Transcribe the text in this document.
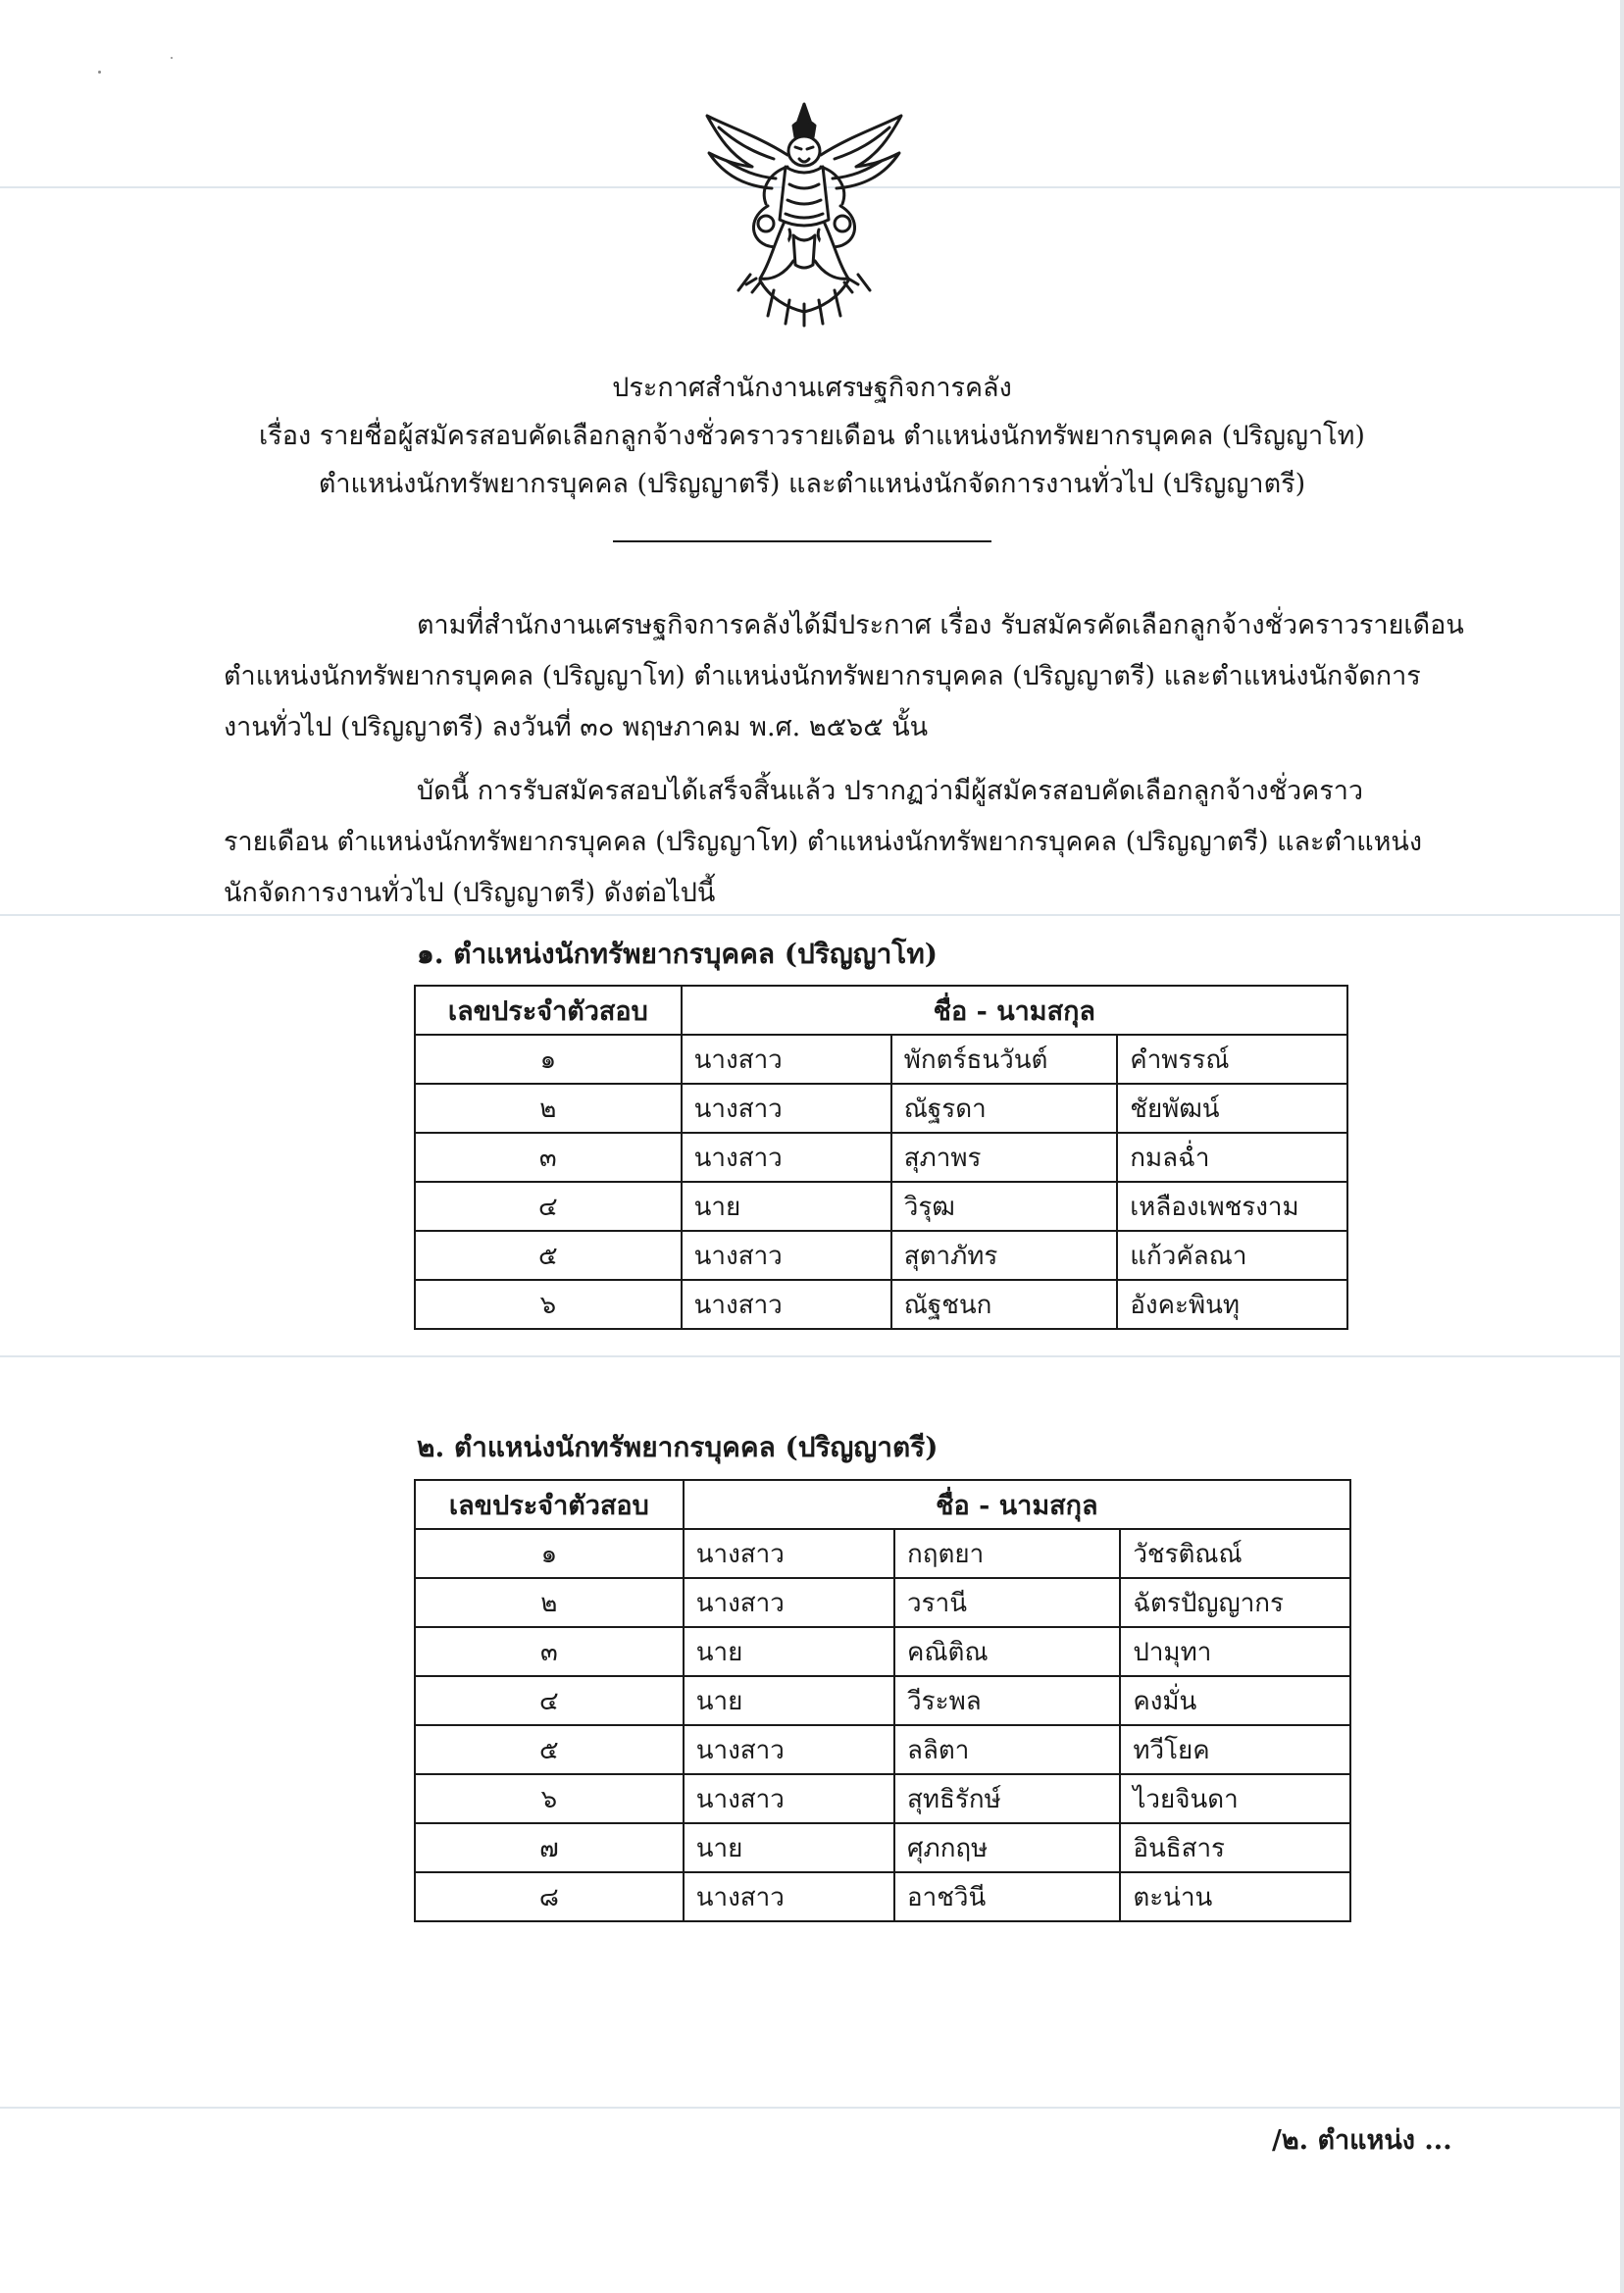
ประกาศสำนักงานเศรษฐกิจการคลัง
เรื่อง รายชื่อผู้สมัครสอบคัดเลือกลูกจ้างชั่วคราวรายเดือน ตำแหน่งนักทรัพยากรบุคคล (ปริญญาโท)
ตำแหน่งนักทรัพยากรบุคคล (ปริญญาตรี) และตำแหน่งนักจัดการงานทั่วไป (ปริญญาตรี)
ตามที่สำนักงานเศรษฐกิจการคลังได้มีประกาศ เรื่อง รับสมัครคัดเลือกลูกจ้างชั่วคราวรายเดือน
ตำแหน่งนักทรัพยากรบุคคล (ปริญญาโท) ตำแหน่งนักทรัพยากรบุคคล (ปริญญาตรี) และตำแหน่งนักจัดการ
งานทั่วไป (ปริญญาตรี) ลงวันที่ ๓๐ พฤษภาคม พ.ศ. ๒๕๖๕ นั้น
บัดนี้ การรับสมัครสอบได้เสร็จสิ้นแล้ว ปรากฏว่ามีผู้สมัครสอบคัดเลือกลูกจ้างชั่วคราว
รายเดือน ตำแหน่งนักทรัพยากรบุคคล (ปริญญาโท) ตำแหน่งนักทรัพยากรบุคคล (ปริญญาตรี) และตำแหน่ง
นักจัดการงานทั่วไป (ปริญญาตรี) ดังต่อไปนี้
๑. ตำแหน่งนักทรัพยากรบุคคล (ปริญญาโท)
เลขประจำตัวสอบ	ชื่อ - นามสกุล		
๑	นางสาว	พักตร์ธนวันต์	คำพรรณ์
๒	นางสาว	ณัฐรดา	ชัยพัฒน์
๓	นางสาว	สุภาพร	กมลฉ่ำ
๔	นาย	วิรุฒ	เหลืองเพชรงาม
๕	นางสาว	สุตาภัทร	แก้วคัลณา
๖	นางสาว	ณัฐชนก	อังคะพินทุ
๒. ตำแหน่งนักทรัพยากรบุคคล (ปริญญาตรี)
เลขประจำตัวสอบ	ชื่อ - นามสกุล		
๑	นางสาว	กฤตยา	วัชรติณณ์
๒	นางสาว	วรานี	ฉัตรปัญญากร
๓	นาย	คณิติณ	ปามุทา
๔	นาย	วีระพล	คงมั่น
๕	นางสาว	ลลิตา	ทวีโยค
๖	นางสาว	สุทธิรักษ์	ไวยจินดา
๗	นาย	ศุภกฤษ	อินธิสาร
๘	นางสาว	อาชวินี	ตะน่าน
/๒. ตำแหน่ง ...
